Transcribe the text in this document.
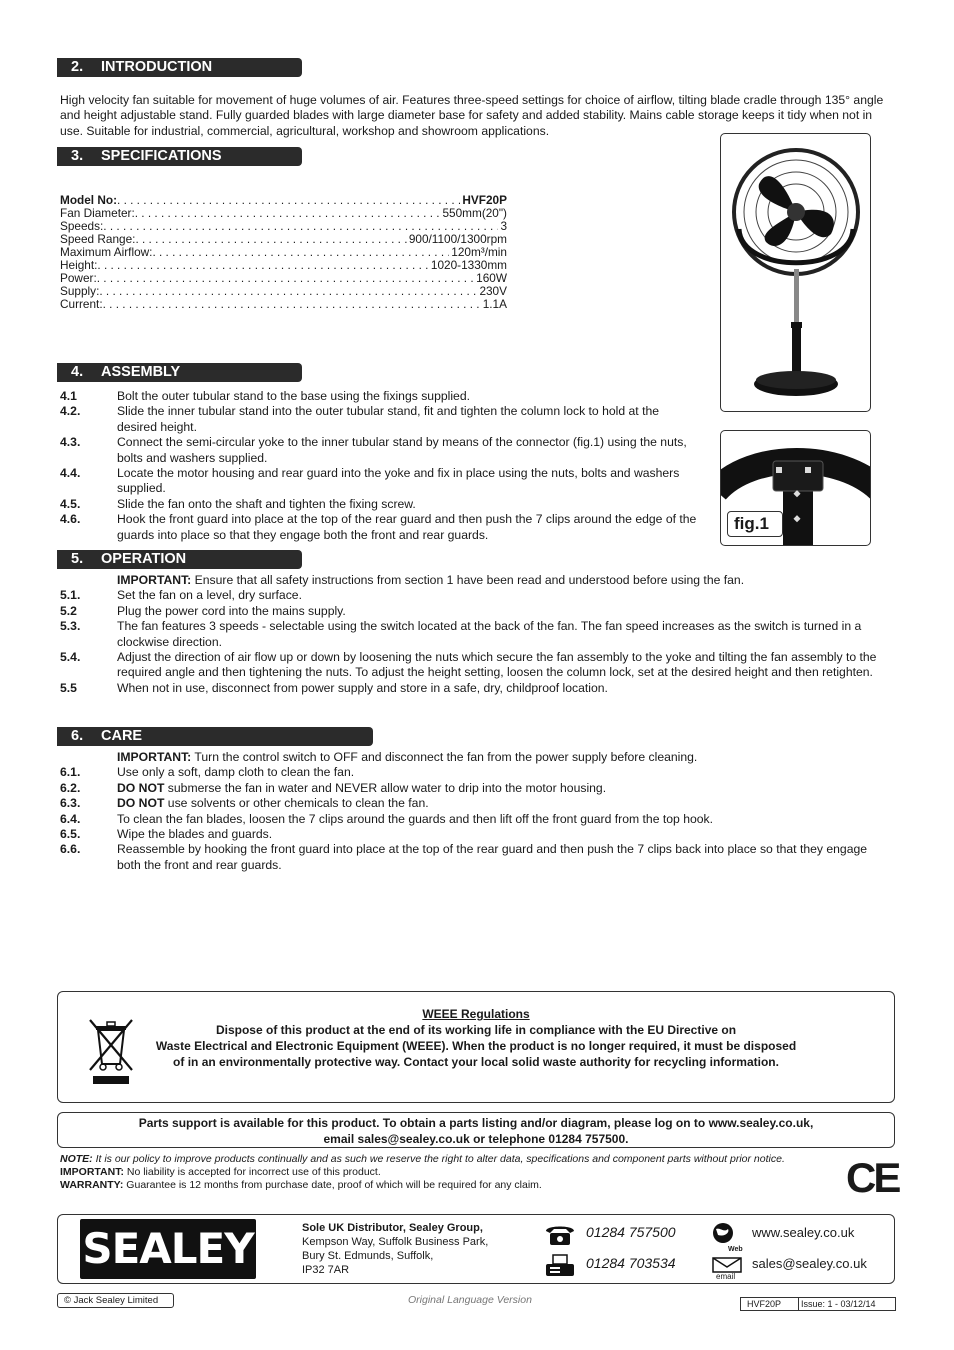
2. INTRODUCTION
High velocity fan suitable for movement of huge volumes of air. Features three-speed settings for choice of airflow, tilting blade cradle through 135° angle and height adjustable stand. Fully guarded blades with large diameter base for safety and added stability. Mains cable storage keeps it tidy when not in use. Suitable for industrial, commercial, agricultural, workshop and showroom applications.
3. SPECIFICATIONS
Model No: . . .	HVF20P
Fan Diameter: . . .	550mm(20")
Speeds: . . .	3
Speed Range: . . .	900/1100/1300rpm
Maximum Airflow: . . .	120m³/min
Height: . . .	1020-1330mm
Power: . . .	160W
Supply: . . .	230V
Current: . . .	1.1A
fig.1
4. ASSEMBLY
4.1	Bolt the outer tubular stand to the base using the fixings supplied.
4.2.	Slide the inner tubular stand into the outer tubular stand, fit and tighten the column lock to hold at the desired height.
4.3.	Connect the semi-circular yoke to the inner tubular stand by means of the connector (fig.1) using the nuts, bolts and washers supplied.
4.4.	Locate the motor housing and rear guard into the yoke and fix in place using the nuts, bolts and washers supplied.
4.5.	Slide the fan onto the shaft and tighten the fixing screw.
4.6.	Hook the front guard into place at the top of the rear guard and then push the 7 clips around the edge of the guards into place so that they engage both the front and rear guards.
5. OPERATION
IMPORTANT: Ensure that all safety instructions from section 1 have been read and understood before using the fan.
5.1.	Set the fan on a level, dry surface.
5.2	Plug the power cord into the mains supply.
5.3.	The fan features 3 speeds - selectable using the switch located at the back of the fan. The fan speed increases as the switch is turned in a clockwise direction.
5.4.	Adjust the direction of air flow up or down by loosening the nuts which secure the fan assembly to the yoke and tilting the fan assembly to the required angle and then tightening the nuts. To adjust the height setting, loosen the column lock, set at the desired height and then retighten.
5.5	When not in use, disconnect from power supply and store in a safe, dry, childproof location.
6. CARE
IMPORTANT: Turn the control switch to OFF and disconnect the fan from the power supply before cleaning.
6.1.	Use only a soft, damp cloth to clean the fan.
6.2.	DO NOT submerse the fan in water and NEVER allow water to drip into the motor housing.
6.3.	DO NOT use solvents or other chemicals to clean the fan.
6.4.	To clean the fan blades, loosen the 7 clips around the guards and then lift off the front guard from the top hook.
6.5.	Wipe the blades and guards.
6.6.	Reassemble by hooking the front guard into place at the top of the rear guard and then push the 7 clips back into place so that they engage both the front and rear guards.
WEEE Regulations
Dispose of this product at the end of its working life in compliance with the EU Directive on
Waste Electrical and Electronic Equipment (WEEE). When the product is no longer required, it must be disposed
of in an environmentally protective way. Contact your local solid waste authority for recycling information.
Parts support is available for this product. To obtain a parts listing and/or diagram, please log on to www.sealey.co.uk,
email sales@sealey.co.uk or telephone 01284 757500.
NOTE: It is our policy to improve products continually and as such we reserve the right to alter data, specifications and component parts without prior notice.
IMPORTANT: No liability is accepted for incorrect use of this product.
WARRANTY: Guarantee is 12 months from purchase date, proof of which will be required for any claim.	CE
SEALEY	Sole UK Distributor, Sealey Group,
Kempson Way, Suffolk Business Park,
Bury St. Edmunds, Suffolk,
IP32 7AR
01284 757500
01284 703534
Web
www.sealey.co.uk
email
sales@sealey.co.uk
© Jack Sealey Limited	Original Language Version	HVF20P	Issue: 1 - 03/12/14
